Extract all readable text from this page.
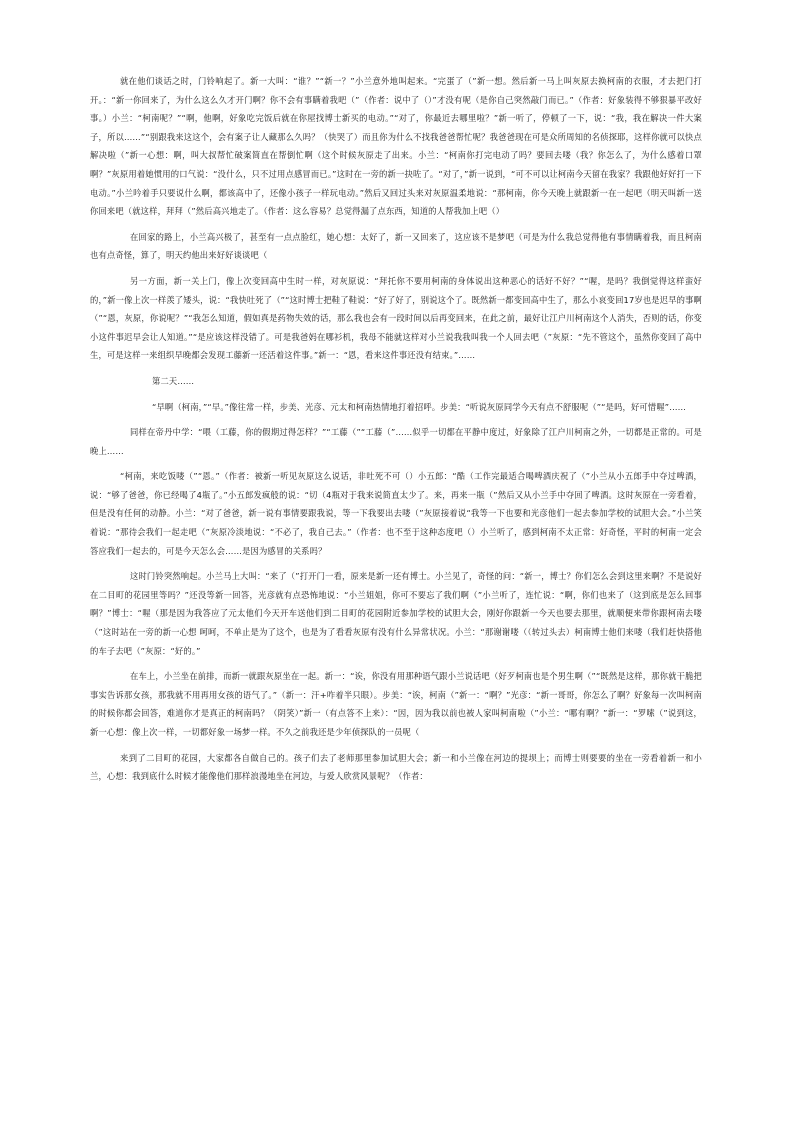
就在他们谈话之时，门铃响起了。新一大叫：“谁？”“新一？”小兰意外地叫起来。“完蛋了（”新一想。然后新一马上叫灰原去换柯南的衣服，才去把门打开。：“新一你回来了，为什么这么久才开门啊？你不会有事瞒着我吧（”（作者：说中了（）”才没有呢（是你自己突然敲门而已。”（作者：好象装得不够狠暴平改好事。）小兰：“柯南呢？”“啊，他啊，好象吃完饭后就在你屋找博士新买的电动。”“对了，你最近去哪里啦？”新一听了，停顿了一下，说：“我，我在解决一件大案子，所以……”“别跟我来这这个，会有案子让人藏那么久吗？（快哭了）而且你为什么不找我爸爸帮忙呢？我爸爸现在可是众所周知的名侦探耶，这样你就可以快点解决啦（”新一心想：啊，叫大叔帮忙破案简直在帮倒忙啊（这个时候灰原走了出来。小兰：“柯南你打完电动了吗？要回去喽（我？你怎么了，为什么感着口罩啊？”灰原用着她惯用的口气说：“没什么，只不过用点感冒而已。”这时在一旁的新一抉咗了。“对了，”新一说到，“可不可以让柯南今天留在我家？我跟他好好打一下电动。”小兰吟着手只要说什么啊，都该高中了，还像小孩子一样玩电动。”然后又回过头来对灰原温柔地说：“那柯南，你今天晚上就跟新一在一起吧（明天叫新一送你回来吧（就这样，拜拜（”然后高兴地走了。（作者：这么容易？总觉得漏了点东西，知道的人帮我加上吧（）

在回家的路上，小兰高兴极了，甚至有一点点脸红，她心想：太好了，新一又回来了，这应该不是梦吧（可是为什么我总觉得他有事情瞒着我，而且柯南也有点奇怪，算了，明天约他出来好好谈谈吧（

另一方面，新一关上门，像上次变回高中生时一样，对灰原说：“拜托你不要用柯南的身体说出这种恶心的话好不好？”“喔，是吗？我倒觉得这样蛮好的，”新一像上次一样羡了矮头，说：“我快吐死了（”“这时博士把鞋了鞋说：“好了好了，别说这个了。既然新一都变回高中生了，那么小哀变回17岁也是迟早的事啊（”“恩，灰原，你说呢？”“我怎么知道，假如真是药物失效的话，那么我也会有一段时间以后再变回来，在此之前，最好让江户川柯南这个人消失，否则的话，你变小这件事迟早会让人知道。”“是应该这样没错了。可是我爸妈在哪衫机，我母不能就这样对小兰说我我叫我一个人回去吧（”灰原：“先不管这个，虽然你变回了高中生，可是这样一来组织早晚都会发现工藤新一还活着这件事。”新一：“恩，看来这件事还没有结束。”……

第二天……

“早啊（柯南，”“早。”像往常一样，步美、光彦、元太和柯南热情地打着招呼。步美：“听说灰原同学今天有点不舒服呢（”“是吗，好可惜喔”……

同样在帝丹中学：“喂（工藤，你的假期过得怎样？”“工藤（”“工藤（”……似乎一切都在平静中度过，好象除了江户川柯南之外，一切都是正常的。可是晚上……

“柯南，来吃饭喽（”“恩。”（作者：被新一听见灰原这么说话，非吐死不可（）小五郎：“酷（工作完最适合喝啤酒庆祝了（”小兰从小五郎手中夺过啤酒，说：“够了爸爸，你已经喝了4瓶了。”小五郎发疯般的说：“切（4瓶对于我来说简直太少了。来，再来一瓶（”然后又从小兰手中夺回了啤酒。这时灰原在一旁看着，但是没有任何的动静。小兰：“对了爸爸，新一说有事情要跟我说，等一下我要出去喽（”灰原接着说“我等一下也要和光彦他们一起去参加学校的试胆大会。”小兰笑着说：“那待会我们一起走吧（”灰原冷淡地说：“不必了，我自己去。”（作者：也不至于这种态度吧（）小兰听了，感到柯南不太正常：好奇怪，平时的柯南一定会答应我们一起去的，可是今天怎么会……是因为感冒的关系吗？

这时门铃突然响起。小兰马上大叫：“来了（”打开门一看，原来是新一还有博士。小兰见了，奇怪的问：“新一，博士？你们怎么会到这里来啊？不是说好在二目町的花园里等吗？”还没等新一回答，光彦就有点恐怖地说：“小兰姐姐，你可不要忘了我们啊（”小兰听了，连忙说：“啊，你们也来了（这到底是怎么回事啊？”博士：“喔（那是因为我答应了元太他们今天开车送他们到二目町的花园附近参加学校的试胆大会，刚好你跟新一今天也要去那里，就顺便来带你跟柯南去喽（”这时站在一旁的新一心想 呵呵，不单止是为了这个，也是为了看看灰原有没有什么异常状况。小兰：“那谢谢喽（（转过头去）柯南博士他们来喽（我们赶快搭他的车子去吧（”灰原：“好的。”

在车上，小兰坐在前排，而新一就跟灰原坐在一起。新一：“诶，你没有用那种语气跟小兰说话吧（好歹柯南也是个男生啊（”“既然是这样，那你就干脆把事实告诉那女孩，那我就不用再用女孩的语气了。”（新一：汗+咋着半只眼）。步美：“诶，柯南（”新一：“啊？”光彦：“新一哥哥，你怎么了啊？好象每一次叫柯南的时候你都会回答，难道你才是真正的柯南吗？（阴笑）”新一（有点答不上来）：“因，因为我以前也被人家叫柯南啦（”小兰：“哪有啊？”新一：“罗嗦（”说到这，新一心想：像上次一样，一切都好象一场梦一样。不久之前我还是少年侦探队的一员呢（

来到了二目町的花园，大家都各自做自己的。孩子们去了老师那里参加试胆大会；新一和小兰像在河边的提坝上；而博士则要要的坐在一旁看着新一和小兰，心想：我到底什么时候才能像他们那样浪漫地坐在河边，与爱人欣赏风景呢？（作者：
